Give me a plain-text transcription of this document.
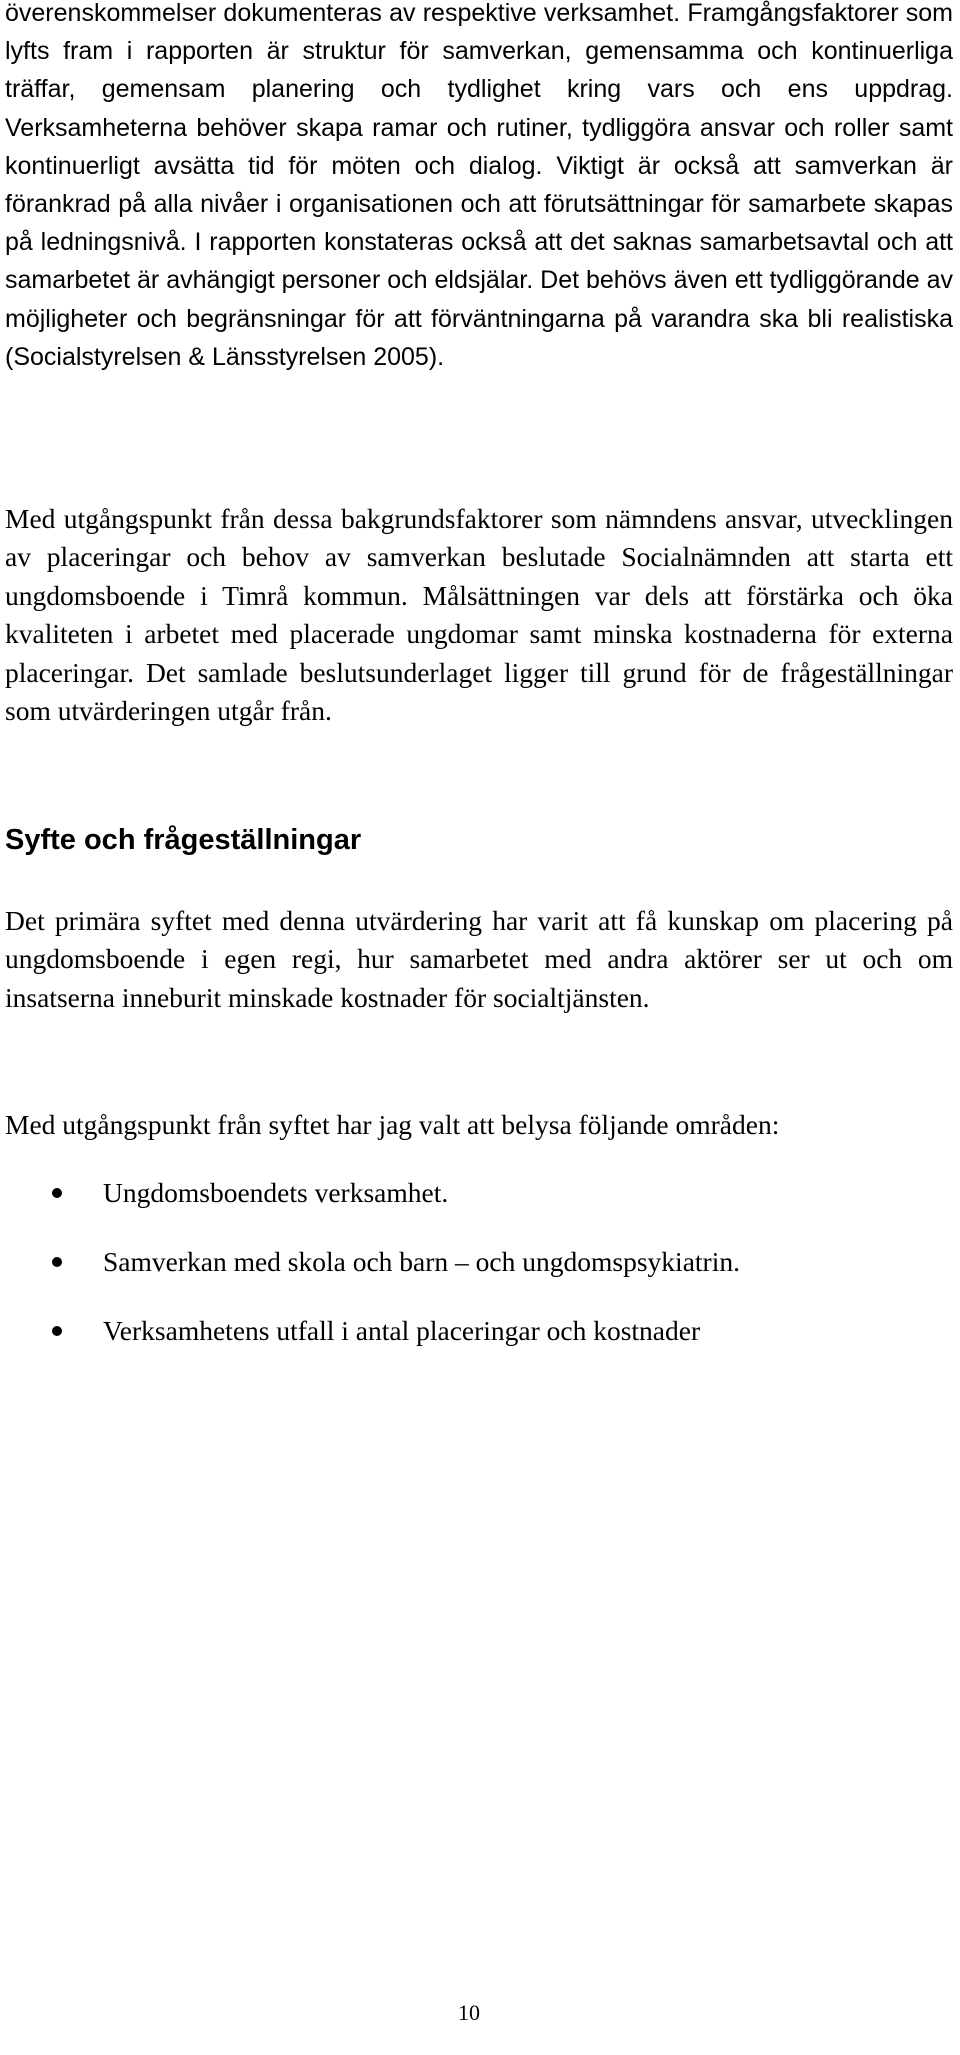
överenskommelser dokumenteras av respektive verksamhet. Framgångsfaktorer som lyfts fram i rapporten är struktur för samverkan, gemensamma och kontinuerliga träffar, gemensam planering och tydlighet kring vars och ens uppdrag. Verksamheterna behöver skapa ramar och rutiner, tydliggöra ansvar och roller samt kontinuerligt avsätta tid för möten och dialog. Viktigt är också att samverkan är förankrad på alla nivåer i organisationen och att förutsättningar för samarbete skapas på ledningsnivå. I rapporten konstateras också att det saknas samarbetsavtal och att samarbetet är avhängigt personer och eldsjälar. Det behövs även ett tydliggörande av möjligheter och begränsningar för att förväntningarna på varandra ska bli realistiska (Socialstyrelsen & Länsstyrelsen 2005).

Med utgångspunkt från dessa bakgrundsfaktorer som nämndens ansvar, utvecklingen av placeringar och behov av samverkan beslutade Socialnämnden att starta ett ungdomsboende i Timrå kommun. Målsättningen var dels att förstärka och öka kvaliteten i arbetet med placerade ungdomar samt minska kostnaderna för externa placeringar. Det samlade beslutsunderlaget ligger till grund för de frågeställningar som utvärderingen utgår från.

Syfte och frågeställningar

Det primära syftet med denna utvärdering har varit att få kunskap om placering på ungdomsboende i egen regi, hur samarbetet med andra aktörer ser ut och om insatserna inneburit minskade kostnader för socialtjänsten.

Med utgångspunkt från syftet har jag valt att belysa följande områden:

Ungdomsboendets verksamhet.
Samverkan med skola och barn – och ungdomspsykiatrin.
Verksamhetens utfall i antal placeringar och kostnader
10
